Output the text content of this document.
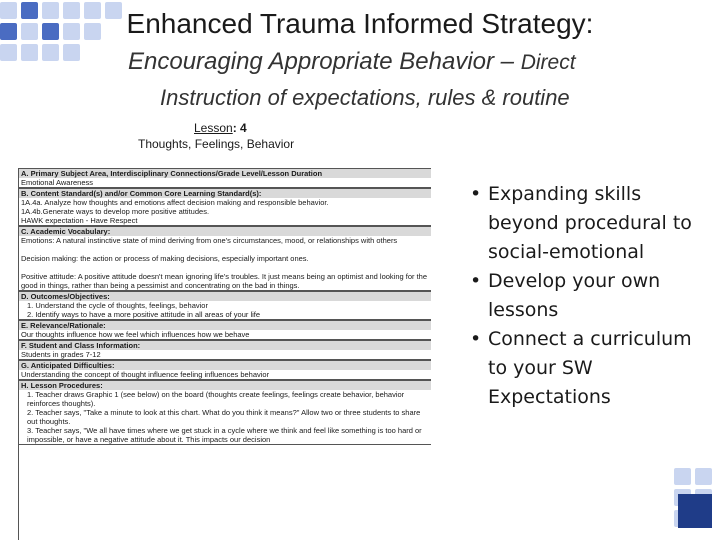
Enhanced Trauma Informed Strategy:
Encouraging Appropriate Behavior – Direct
Instruction of expectations, rules & routine
Lesson: 4
Thoughts, Feelings, Behavior
A. Primary Subject Area, Interdisciplinary Connections/Grade Level/Lesson Duration

Emotional Awareness

B. Content Standard(s) and/or Common Core Learning Standard(s):

1A.4a. Analyze how thoughts and emotions affect decision making and responsible behavior.

1A.4b.Generate ways to develop more positive attitudes.

HAWK expectation - Have Respect

C. Academic Vocabulary:

Emotions: A natural instinctive state of mind deriving from one's circumstances, mood, or relationships with others

Decision making: the action or process of making decisions, especially important ones.

Positive attitude: A positive attitude doesn't mean ignoring life's troubles. It just means being an optimist and looking for the good in things, rather than being a pessimist and concentrating on the bad in things.

D. Outcomes/Objectives:

1. Understand the cycle of thoughts, feelings, behavior

2. Identify ways to have a more positive attitude in all areas of your life

E. Relevance/Rationale:

Our thoughts influence how we feel which influences how we behave

F. Student and Class Information:

Students in grades 7-12

G. Anticipated Difficulties:

Understanding the concept of thought influence feeling influences behavior

H. Lesson Procedures:

1. Teacher draws Graphic 1 (see below) on the board (thoughts create feelings, feelings create behavior, behavior reinforces thoughts).

2. Teacher says, "Take a minute to look at this chart. What do you think it means?" Allow two or three students to share out thoughts.

3. Teacher says, "We all have times where we get stuck in a cycle where we think and feel like something is too hard or impossible, or have a negative attitude about it. This impacts our decision

• Expanding skills beyond procedural to social-emotional
• Develop your own lessons
• Connect a curriculum to your SW Expectations
